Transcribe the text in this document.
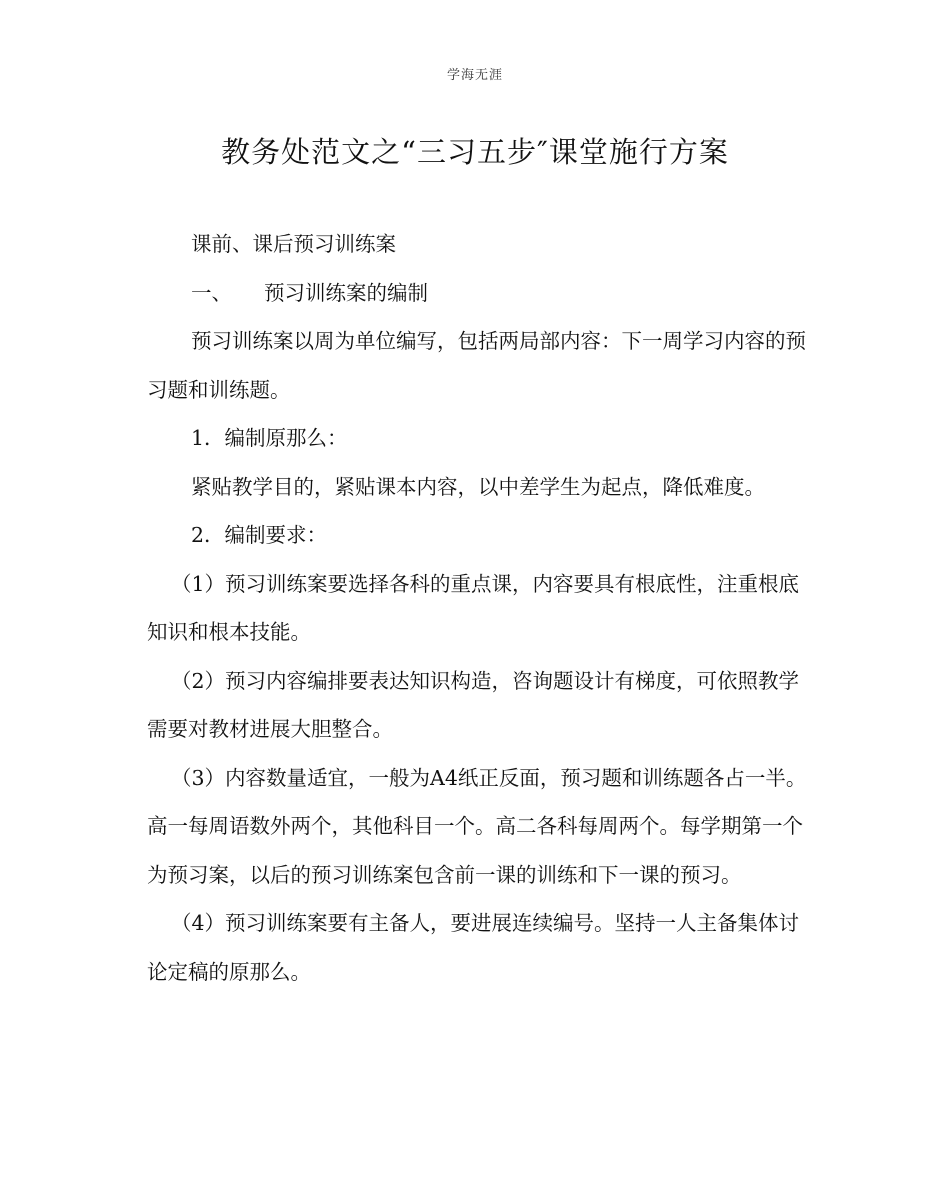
学海无涯
教务处范文之“三习五步″课堂施行方案

课前、课后预习训练案

一、 预习训练案的编制

预习训练案以周为单位编写，包括两局部内容：下一周学习内容的预习题和训练题。

1．编制原那么：

紧贴教学目的，紧贴课本内容，以中差学生为起点，降低难度。

2．编制要求：

（1）预习训练案要选择各科的重点课，内容要具有根底性，注重根底知识和根本技能。

（2）预习内容编排要表达知识构造，咨询题设计有梯度，可依照教学需要对教材进展大胆整合。

（3）内容数量适宜，一般为A4纸正反面，预习题和训练题各占一半。高一每周语数外两个，其他科目一个。高二各科每周两个。每学期第一个为预习案，以后的预习训练案包含前一课的训练和下一课的预习。

（4）预习训练案要有主备人，要进展连续编号。坚持一人主备集体讨论定稿的原那么。
